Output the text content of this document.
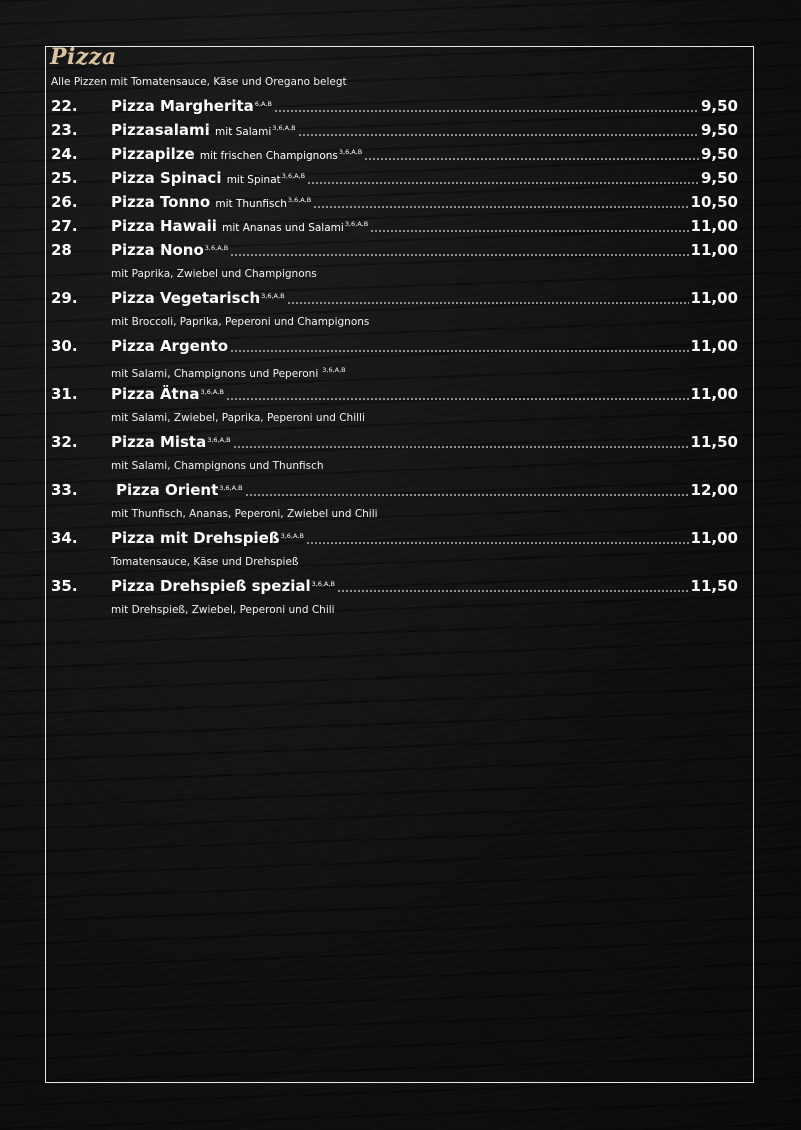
Pizza
Alle Pizzen mit Tomatensauce, Käse und Oregano belegt
22.	Pizza Margherita$^{6,A,B}$	9,50
23.	Pizzasalami mit Salami$^{3,6,A,B}$	9,50
24.	Pizzapilze mit frischen Champignons$^{3,6,A,B}$	9,50
25.	Pizza Spinaci mit Spinat$^{3,6,A,B}$	9,50
26.	Pizza Tonno mit Thunfisch$^{3,6,A,B}$	10,50
27.	Pizza Hawaii mit Ananas und Salami$^{3,6,A,B}$	11,00
28	Pizza Nono$^{3,6,A,B}$	11,00
mit Paprika, Zwiebel und Champignons
29.	Pizza Vegetarisch$^{3,6,A,B}$	11,00
mit Broccoli, Paprika, Peperoni und Champignons
30.	Pizza Argento	11,00
mit Salami, Champignons und Peperoni $^{3,6,A,B}$
31.	Pizza Ätna$^{3,6,A,B}$	11,00
mit Salami, Zwiebel, Paprika, Peperoni und Chilli
32.	Pizza Mista$^{3,6,A,B}$	11,50
mit Salami, Champignons und Thunfisch
33.	Pizza Orient$^{3,6,A,B}$	12,00
mit Thunfisch, Ananas, Peperoni, Zwiebel und Chili
34.	Pizza mit Drehspieß$^{3,6,A,B}$	11,00
Tomatensauce, Käse und Drehspieß
35.	Pizza Drehspieß spezial$^{3,6,A,B}$	11,50
mit Drehspieß, Zwiebel, Peperoni und Chili
